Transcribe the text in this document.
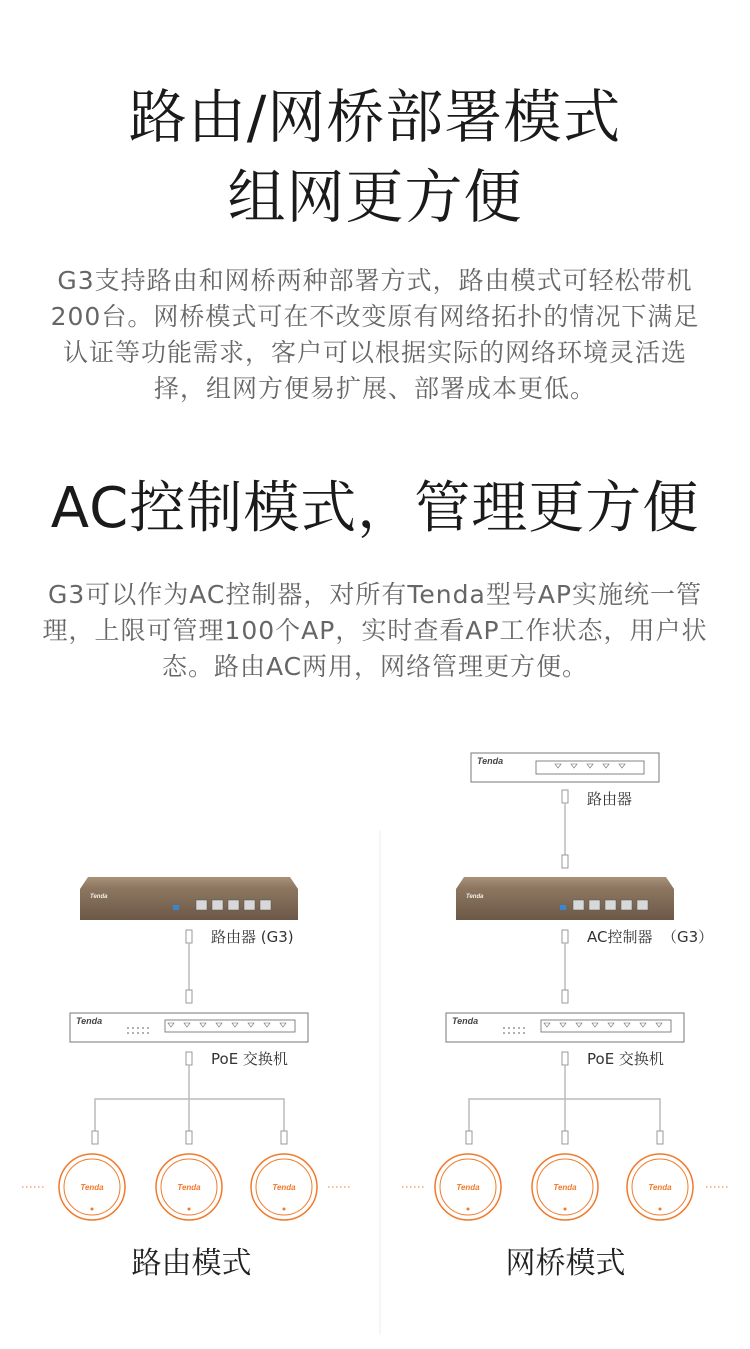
路由/网桥部署模式
组网更方便
G3支持路由和网桥两种部署方式，路由模式可轻松带机
200台。网桥模式可在不改变原有网络拓扑的情况下满足
认证等功能需求，客户可以根据实际的网络环境灵活选
择，组网方便易扩展、部署成本更低。
AC控制模式，管理更方便
G3可以作为AC控制器，对所有Tenda型号AP实施统一管
理，上限可管理100个AP，实时查看AP工作状态，用户状
态。路由AC两用，网络管理更方便。
Tenda
Tenda
Tenda	Tenda	Tenda
Tenda
Tenda
Tenda
Tenda	Tenda	Tenda
路由器 (G3)
PoE 交换机
路由模式
路由器
AC控制器  （G3）
PoE 交换机
网桥模式
